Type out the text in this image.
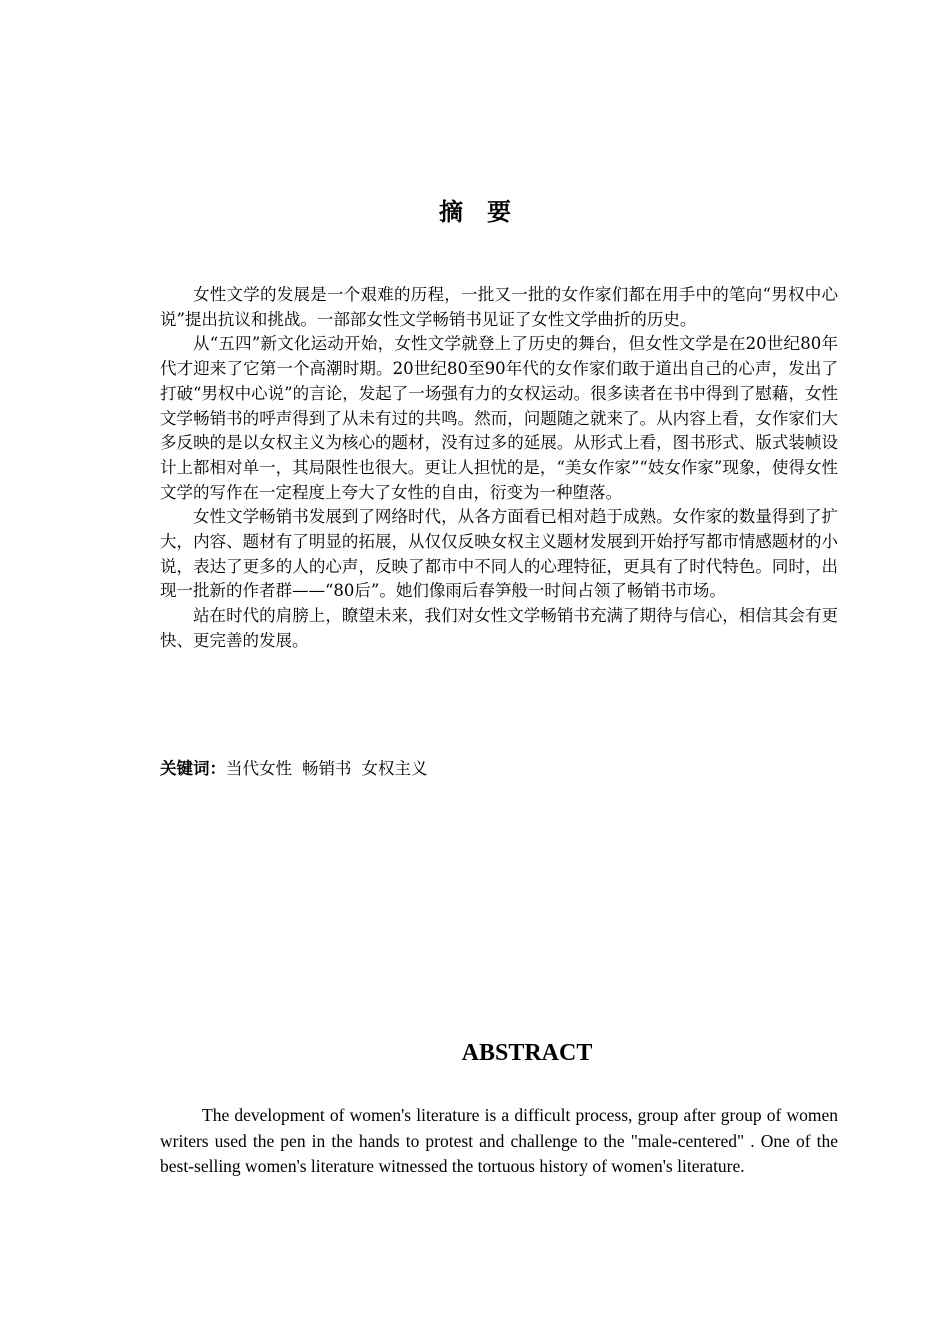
摘 要

女性文学的发展是一个艰难的历程，一批又一批的女作家们都在用手中的笔向“男权中心说”提出抗议和挑战。一部部女性文学畅销书见证了女性文学曲折的历史。

从“五四”新文化运动开始，女性文学就登上了历史的舞台，但女性文学是在20世纪80年代才迎来了它第一个高潮时期。20世纪80至90年代的女作家们敢于道出自己的心声，发出了打破“男权中心说”的言论，发起了一场强有力的女权运动。很多读者在书中得到了慰藉，女性文学畅销书的呼声得到了从未有过的共鸣。然而，问题随之就来了。从内容上看，女作家们大多反映的是以女权主义为核心的题材，没有过多的延展。从形式上看，图书形式、版式装帧设计上都相对单一，其局限性也很大。更让人担忧的是，“美女作家”“妓女作家”现象，使得女性文学的写作在一定程度上夸大了女性的自由，衍变为一种堕落。

女性文学畅销书发展到了网络时代，从各方面看已相对趋于成熟。女作家的数量得到了扩大，内容、题材有了明显的拓展，从仅仅反映女权主义题材发展到开始抒写都市情感题材的小说，表达了更多的人的心声，反映了都市中不同人的心理特征，更具有了时代特色。同时，出现一批新的作者群——“80后”。她们像雨后春笋般一时间占领了畅销书市场。

站在时代的肩膀上，瞭望未来，我们对女性文学畅销书充满了期待与信心，相信其会有更快、更完善的发展。

关键词：当代女性 畅销书 女权主义
ABSTRACT

The development of women's literature is a difficult process, group after group of women writers used the pen in the hands to protest and challenge to the "male-centered" . One of the best-selling women's literature witnessed the tortuous history of women's literature.
